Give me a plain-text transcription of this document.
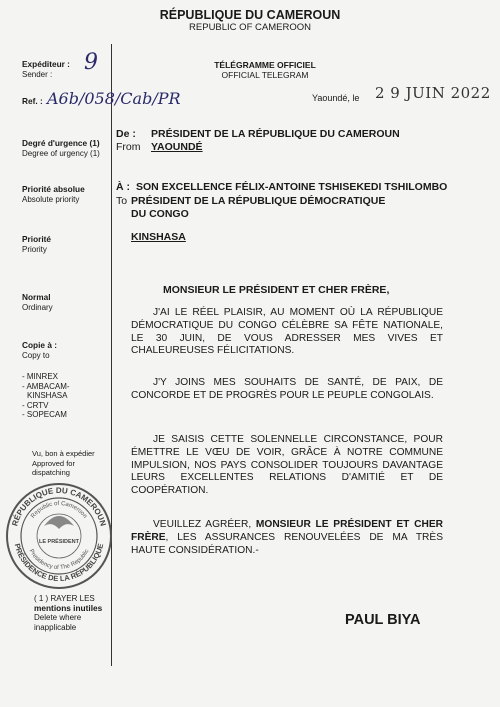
RÉPUBLIQUE DU CAMEROUN
REPUBLIC OF CAMEROON
Expéditeur :
Sender :	9
Ref. : A6b/058/Cab/PR
Degré d'urgence (1)
Degree of urgency (1)
Priorité absolue
Absolute priority
Priorité
Priority
Normal
Ordinary
Copie à :
Copy to
- MINREX
- AMBACAM-
KINSHASA
- CRTV
- SOPECAM
Vu, bon à expédier
Approved for
dispatching
RÉPUBLIQUE DU CAMEROUN
PRÉSIDENCE DE LA RÉPUBLIQUE
Republic of Cameroon
Presidency of The Republic
LE PRÉSIDENT
( 1 ) RAYER LES
mentions inutiles
Delete where
inapplicable
TÉLÉGRAMME OFFICIEL
OFFICIAL TELEGRAM
Yaoundé, le 2 9 JUIN 2022
De :
From
PRÉSIDENT DE LA RÉPUBLIQUE DU CAMEROUN
YAOUNDÉ
À :
To
SON EXCELLENCE FÉLIX-ANTOINE TSHISEKEDI TSHILOMBO
PRÉSIDENT DE LA RÉPUBLIQUE DÉMOCRATIQUE
DU CONGO
KINSHASA
MONSIEUR LE PRÉSIDENT ET CHER FRÈRE,
J'AI LE RÉEL PLAISIR, AU MOMENT OÙ LA RÉPUBLIQUE DÉMOCRATIQUE DU CONGO CÉLÈBRE SA FÊTE NATIONALE, LE 30 JUIN, DE VOUS ADRESSER MES VIVES ET CHALEUREUSES FÉLICITATIONS.
J'Y JOINS MES SOUHAITS DE SANTÉ, DE PAIX, DE CONCORDE ET DE PROGRÈS POUR LE PEUPLE CONGOLAIS.
JE SAISIS CETTE SOLENNELLE CIRCONSTANCE, POUR ÉMETTRE LE VŒU DE VOIR, GRÂCE À NOTRE COMMUNE IMPULSION, NOS PAYS CONSOLIDER TOUJOURS DAVANTAGE LEURS EXCELLENTES RELATIONS D'AMITIÉ ET DE COOPÉRATION.
VEUILLEZ AGRÉER, MONSIEUR LE PRÉSIDENT ET CHER FRÈRE, LES ASSURANCES RENOUVELÉES DE MA TRÈS HAUTE CONSIDÉRATION.-
PAUL BIYA
